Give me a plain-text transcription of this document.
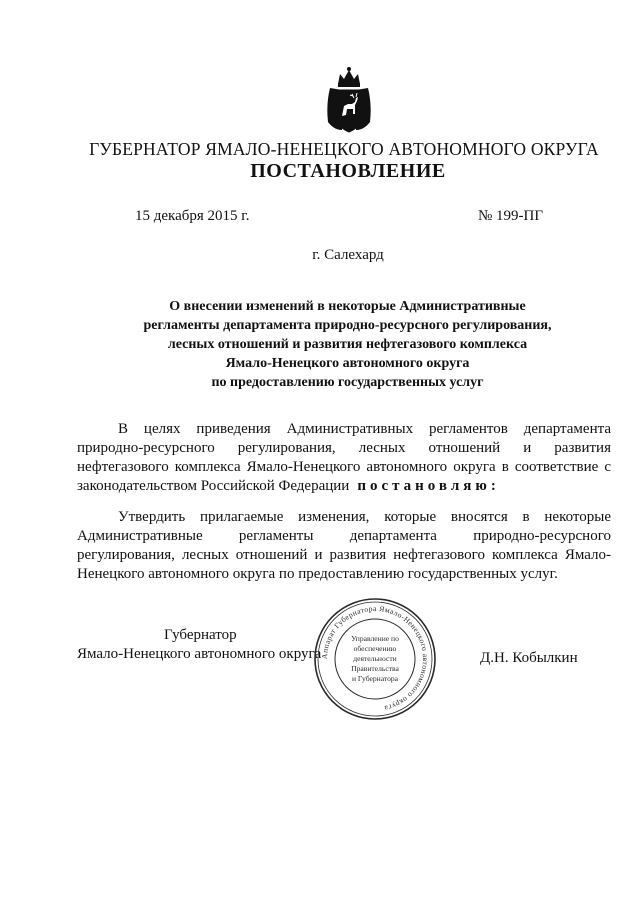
ГУБЕРНАТОР ЯМАЛО-НЕНЕЦКОГО АВТОНОМНОГО ОКРУГА
ПОСТАНОВЛЕНИЕ
15 декабря 2015 г.	№ 199-ПГ
г. Салехард
О внесении изменений в некоторые Административные
регламенты департамента природно-ресурсного регулирования,
лесных отношений и развития нефтегазового комплекса
Ямало-Ненецкого автономного округа
по предоставлению государственных услуг
В целях приведения Административных регламентов департамента
природно-ресурсного регулирования, лесных отношений и развития
нефтегазового комплекса Ямало-Ненецкого автономного округа в соответствие с
законодательством Российской Федерации постановляю:
Утвердить прилагаемые изменения, которые вносятся в некоторые
Административные регламенты департамента природно-ресурсного
регулирования, лесных отношений и развития нефтегазового комплекса Ямало-
Ненецкого автономного округа по предоставлению государственных услуг.
Губернатор
Ямало-Ненецкого автономного округа	Д.Н. Кобылкин
Аппарат Губернатора Ямало-Ненецкого автономного округа
Управление по
обеспечению
деятельности
Правительства
и Губернатора
